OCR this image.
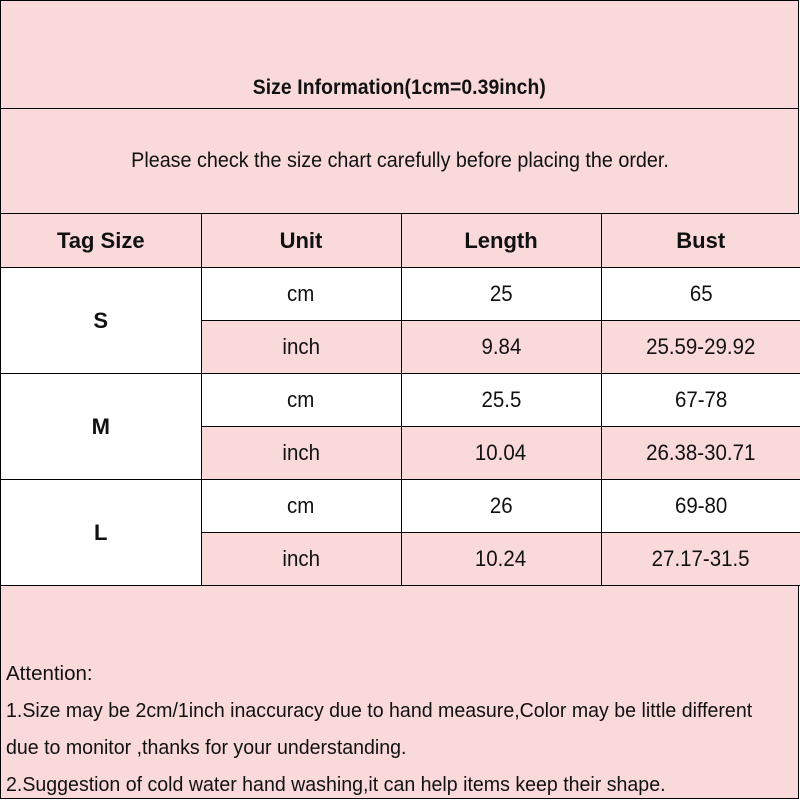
Size Information(1cm=0.39inch)
Please check the size chart carefully before placing the order.
Tag Size	Unit	Length	Bust
S	cm	25	65
	inch	9.84	25.59-29.92
M	cm	25.5	67-78
	inch	10.04	26.38-30.71
L	cm	26	69-80
	inch	10.24	27.17-31.5
Attention:
1.Size may be 2cm/1inch inaccuracy due to hand measure,Color may be little different
due to monitor ,thanks for your understanding.
2.Suggestion of cold water hand washing,it can help items keep their shape.
